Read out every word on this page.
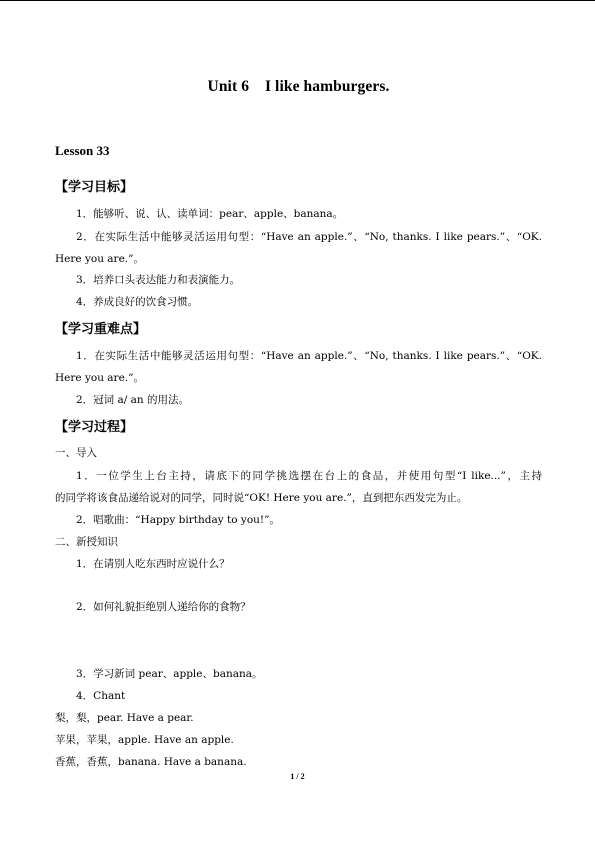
Unit 6    I like hamburgers.
Lesson 33
【学习目标】
1．能够听、说、认、读单词：pear、apple、banana。
2．在实际生活中能够灵活运用句型：“Have an apple.”、“No, thanks. I like pears.”、“OK.
Here you are.”。
3．培养口头表达能力和表演能力。
4．养成良好的饮食习惯。
【学习重难点】
1．在实际生活中能够灵活运用句型：“Have an apple.”、“No, thanks. I like pears.”、“OK.
Here you are.”。
2．冠词 a/ an 的用法。
【学习过程】
一、导入
1．一位学生上台主持，请底下的同学挑选摆在台上的食品，并使用句型“I like...”，主持
的同学将该食品递给说对的同学，同时说“OK! Here you are.”，直到把东西发完为止。
2．唱歌曲：“Happy birthday to you!”。
二、新授知识
1．在请别人吃东西时应说什么？
2．如何礼貌拒绝别人递给你的食物？
3．学习新词 pear、apple、banana。
4．Chant
梨，梨，pear. Have a pear.
苹果，苹果，apple. Have an apple.
香蕉，香蕉，banana. Have a banana.
1 / 2
